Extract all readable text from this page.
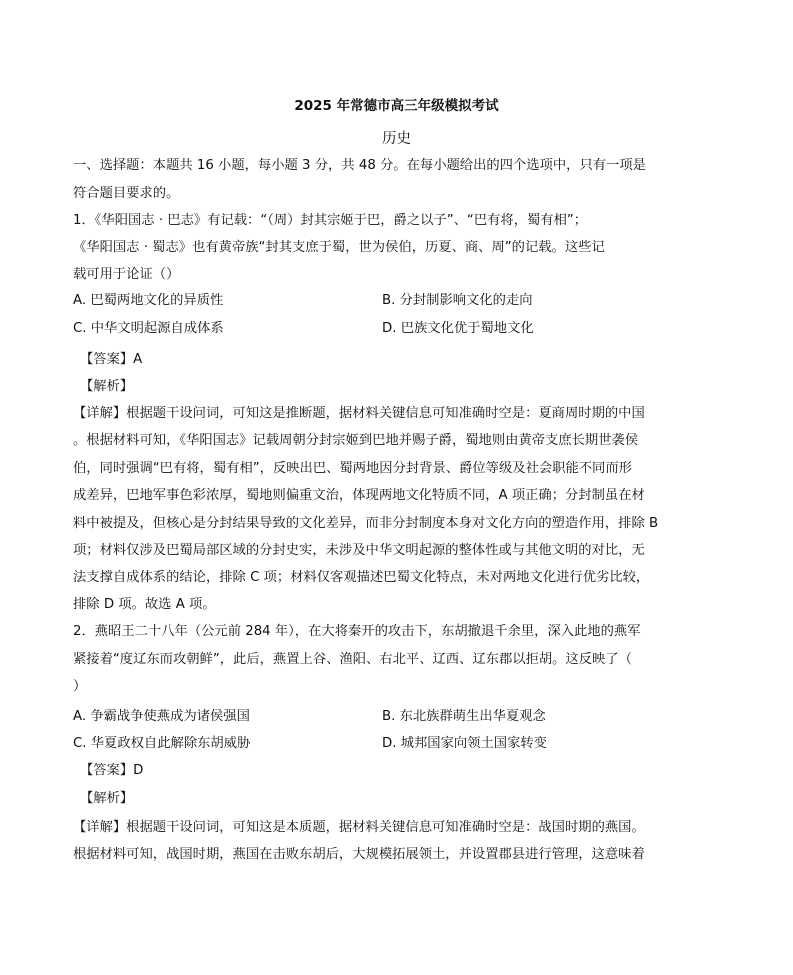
2025 年常德市高三年级模拟考试
历史
一、选择题：本题共 16 小题，每小题 3 分，共 48 分。在每小题给出的四个选项中，只有一项是
符合题目要求的。
1．《华阳国志 · 巴志》有记载：“（周）封其宗姬于巴，爵之以子”、“巴有将，蜀有相”；
《华阳国志 · 蜀志》也有黄帝族“封其支庶于蜀，世为侯伯，历夏、商、周”的记载。这些记
载可用于论证（）
A. 巴蜀两地文化的异质性	B. 分封制影响文化的走向
C. 中华文明起源自成体系	D. 巴族文化优于蜀地文化
【答案】A
【解析】
【详解】根据题干设问词，可知这是推断题，据材料关键信息可知准确时空是：夏商周时期的中国
。根据材料可知，《华阳国志》记载周朝分封宗姬到巴地并赐子爵，蜀地则由黄帝支庶长期世袭侯
伯，同时强调“巴有将，蜀有相”，反映出巴、蜀两地因分封背景、爵位等级及社会职能不同而形
成差异，巴地军事色彩浓厚，蜀地则偏重文治，体现两地文化特质不同，A 项正确；分封制虽在材
料中被提及，但核心是分封结果导致的文化差异，而非分封制度本身对文化方向的塑造作用，排除 B
项；材料仅涉及巴蜀局部区域的分封史实，未涉及中华文明起源的整体性或与其他文明的对比，无
法支撑自成体系的结论，排除 C 项；材料仅客观描述巴蜀文化特点，未对两地文化进行优劣比较，
排除 D 项。故选 A 项。
2．燕昭王二十八年（公元前 284 年），在大将秦开的攻击下，东胡撤退千余里，深入此地的燕军
紧接着“度辽东而攻朝鲜”，此后，燕置上谷、渔阳、右北平、辽西、辽东郡以拒胡。这反映了（
）
A. 争霸战争使燕成为诸侯强国	B. 东北族群萌生出华夏观念
C. 华夏政权自此解除东胡威胁	D. 城邦国家向领土国家转变
【答案】D
【解析】
【详解】根据题干设问词，可知这是本质题，据材料关键信息可知准确时空是：战国时期的燕国。
根据材料可知，战国时期，燕国在击败东胡后，大规模拓展领土，并设置郡县进行管理，这意味着
